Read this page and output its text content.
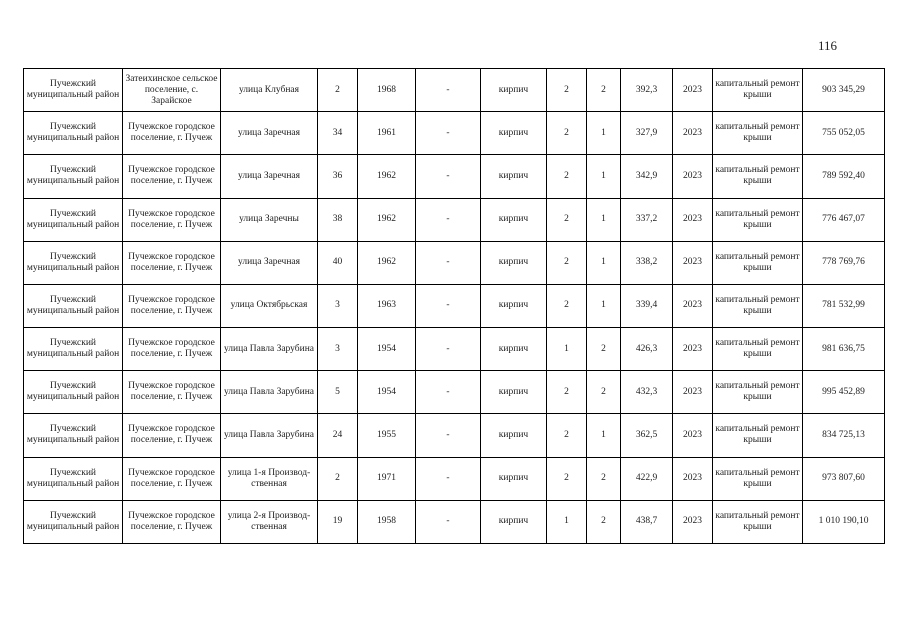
116
Пучежский муниципальный район	Затеихинское сельское поселение, с. Зарайское	улица Клубная	2	1968	-	кирпич	2	2	392,3	2023	капитальный ремонт крыши	903 345,29
Пучежский муниципальный район	Пучежское городское поселение, г. Пучеж	улица Заречная	34	1961	-	кирпич	2	1	327,9	2023	капитальный ремонт крыши	755 052,05
Пучежский муниципальный район	Пучежское городское поселение, г. Пучеж	улица Заречная	36	1962	-	кирпич	2	1	342,9	2023	капитальный ремонт крыши	789 592,40
Пучежский муниципальный район	Пучежское городское поселение, г. Пучеж	улица Заречны	38	1962	-	кирпич	2	1	337,2	2023	капитальный ремонт крыши	776 467,07
Пучежский муниципальный район	Пучежское городское поселение, г. Пучеж	улица Заречная	40	1962	-	кирпич	2	1	338,2	2023	капитальный ремонт крыши	778 769,76
Пучежский муниципальный район	Пучежское городское поселение, г. Пучеж	улица Октябрьская	3	1963	-	кирпич	2	1	339,4	2023	капитальный ремонт крыши	781 532,99
Пучежский муниципальный район	Пучежское городское поселение, г. Пучеж	улица Павла Зарубина	3	1954	-	кирпич	1	2	426,3	2023	капитальный ремонт крыши	981 636,75
Пучежский муниципальный район	Пучежское городское поселение, г. Пучеж	улица Павла Зарубина	5	1954	-	кирпич	2	2	432,3	2023	капитальный ремонт крыши	995 452,89
Пучежский муниципальный район	Пучежское городское поселение, г. Пучеж	улица Павла Зарубина	24	1955	-	кирпич	2	1	362,5	2023	капитальный ремонт крыши	834 725,13
Пучежский муниципальный район	Пучежское городское поселение, г. Пучеж	улица 1-я Производ-ственная	2	1971	-	кирпич	2	2	422,9	2023	капитальный ремонт крыши	973 807,60
Пучежский муниципальный район	Пучежское городское поселение, г. Пучеж	улица 2-я Производ-ственная	19	1958	-	кирпич	1	2	438,7	2023	капитальный ремонт крыши	1 010 190,10
